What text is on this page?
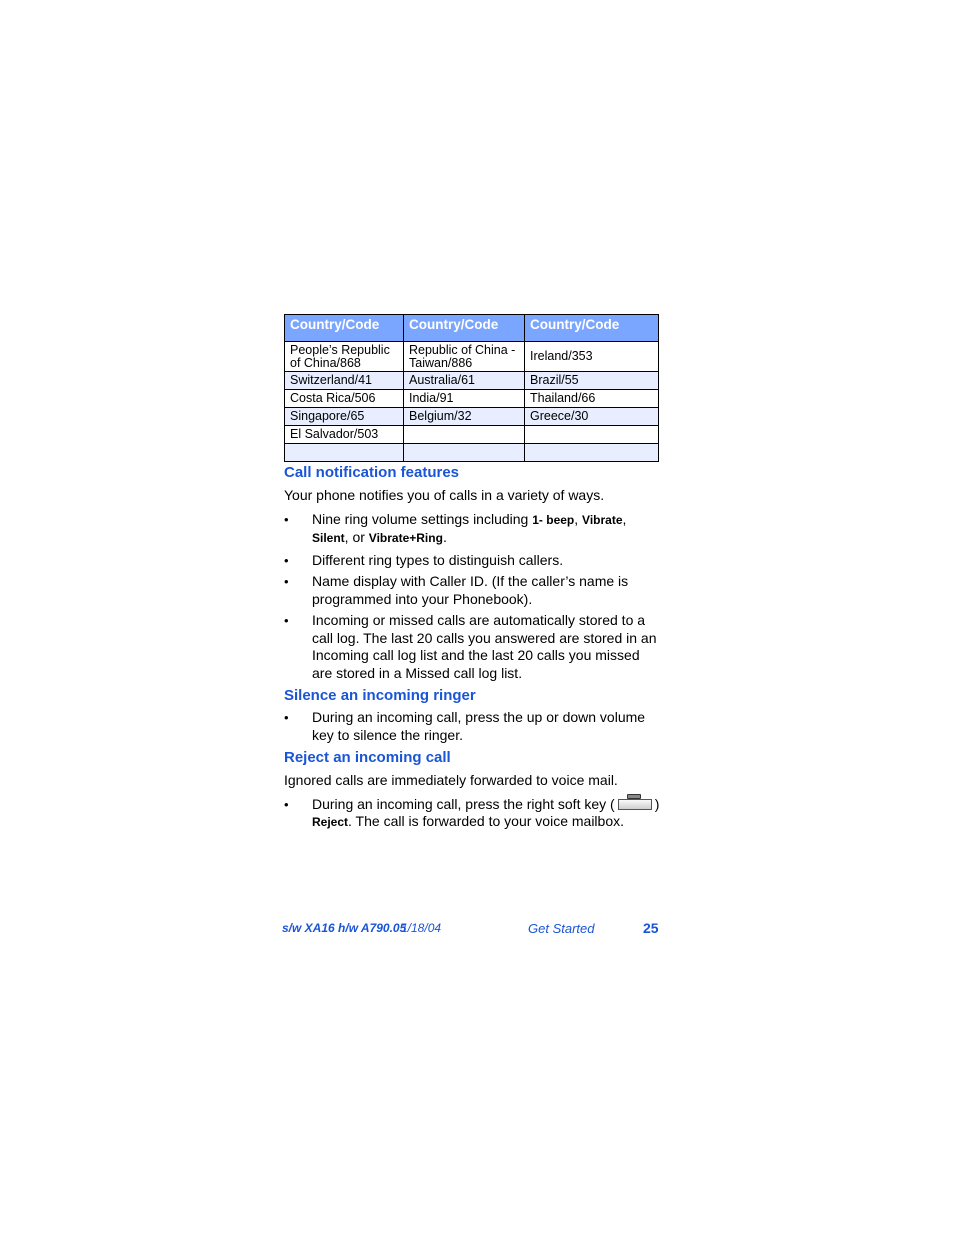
Country/Code	Country/Code	Country/Code
People’s Republic of China/868	Republic of China - Taiwan/886	Ireland/353
Switzerland/41	Australia/61	Brazil/55
Costa Rica/506	India/91	Thailand/66
Singapore/65	Belgium/32	Greece/30
El Salvador/503		

Call notification features

Your phone notifies you of calls in a variety of ways.

• Nine ring volume settings including 1- beep, Vibrate, Silent, or Vibrate+Ring.
• Different ring types to distinguish callers.
• Name display with Caller ID. (If the caller’s name is programmed into your Phonebook).
• Incoming or missed calls are automatically stored to a call log. The last 20 calls you answered are stored in an Incoming call log list and the last 20 calls you missed are stored in a Missed call log list.
Silence an incoming ringer
• During an incoming call, press the up or down volume key to silence the ringer.
Reject an incoming call

Ignored calls are immediately forwarded to voice mail.

• During an incoming call, press the right soft key (	) Reject. The call is forwarded to your voice mailbox.
s/w XA16 h/w A790.05
1/18/04	Get Started	25
